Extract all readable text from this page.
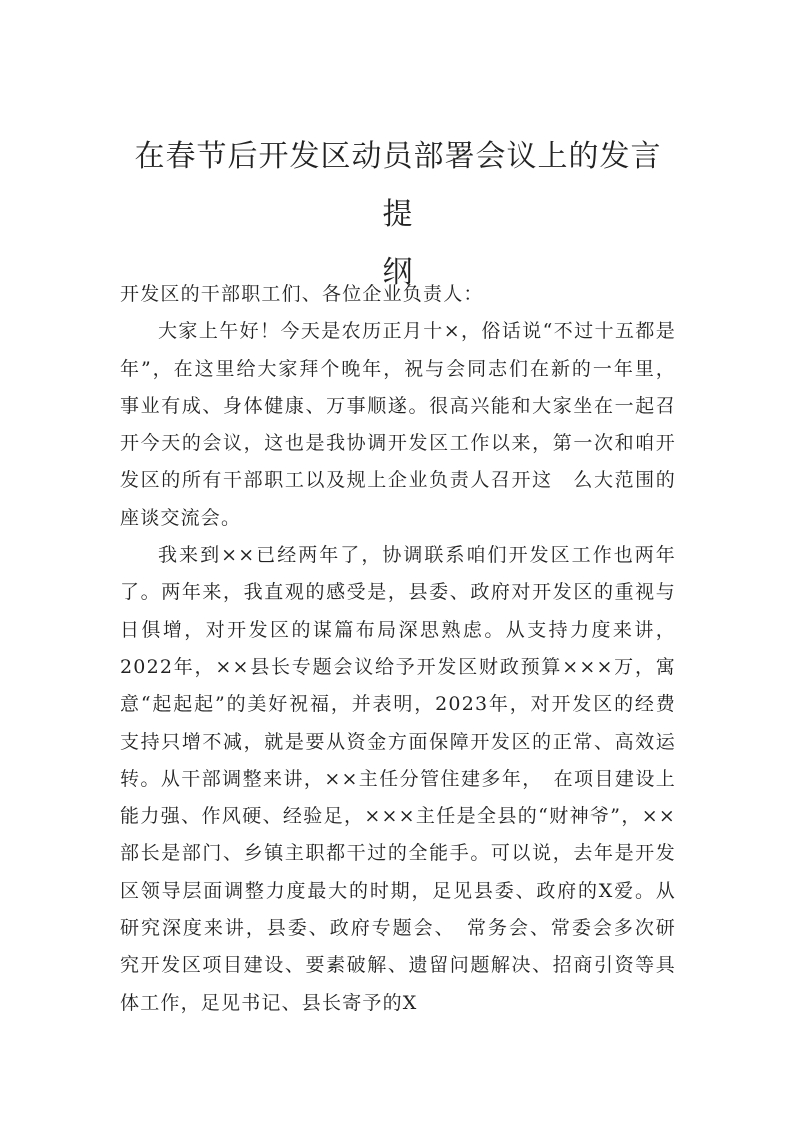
在春节后开发区动员部署会议上的发言提
纲

开发区的干部职工们、各位企业负责人：

大家上午好！今天是农历正月十×，俗话说“不过十五都是年”，在这里给大家拜个晚年，祝与会同志们在新的一年里，事业有成、身体健康、万事顺遂。很高兴能和大家坐在一起召开今天的会议，这也是我协调开发区工作以来，第一次和咱开发区的所有干部职工以及规上企业负责人召开这　么大范围的座谈交流会。

我来到××已经两年了，协调联系咱们开发区工作也两年了。两年来，我直观的感受是，县委、政府对开发区的重视与日俱增，对开发区的谋篇布局深思熟虑。从支持力度来讲，2022年，××县长专题会议给予开发区财政预算×××万，寓意“起起起”的美好祝福，并表明，2023年，对开发区的经费支持只增不减，就是要从资金方面保障开发区的正常、高效运转。从干部调整来讲，××主任分管住建多年，　在项目建设上能力强、作风硬、经验足，×××主任是全县的“财神爷”，××部长是部门、乡镇主职都干过的全能手。可以说，去年是开发区领导层面调整力度最大的时期，足见县委、政府的X爱。从研究深度来讲，县委、政府专题会、　常务会、常委会多次研究开发区项目建设、要素破解、遗留问题解决、招商引资等具体工作，足见书记、县长寄予的X
